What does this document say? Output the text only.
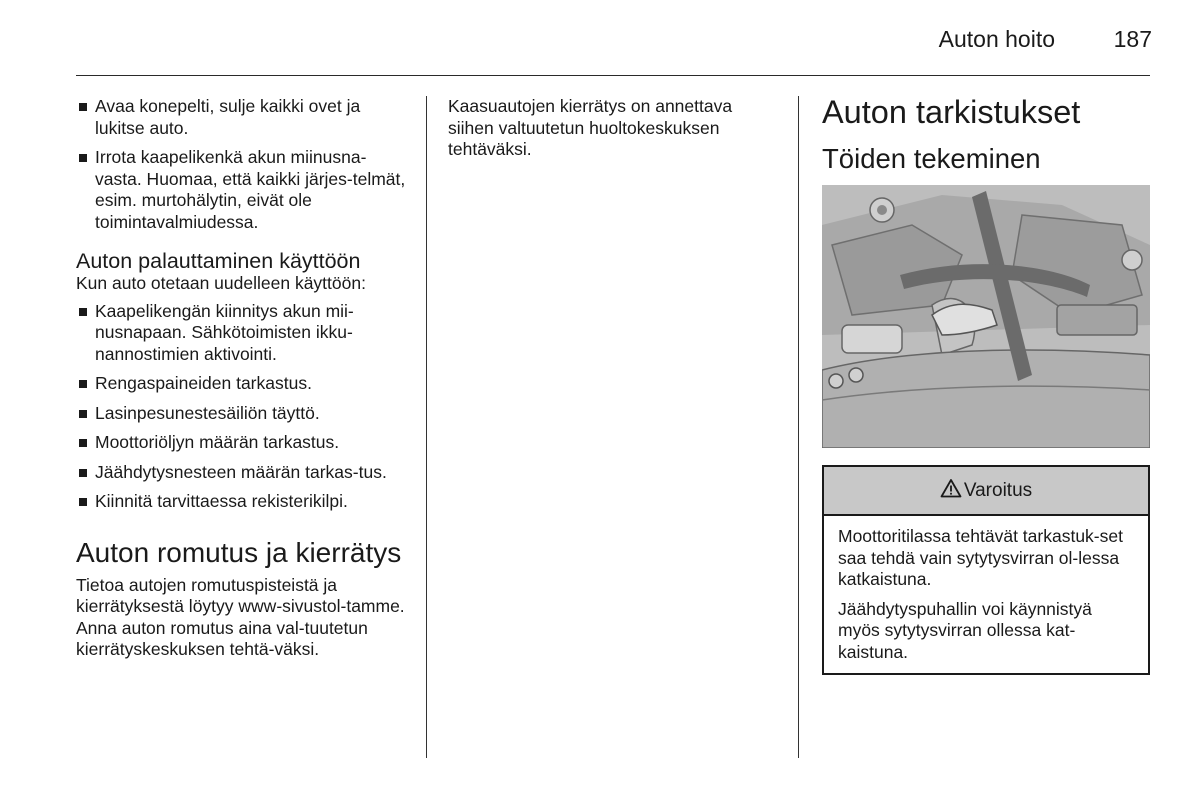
Auton hoito	187
Avaa konepelti, sulje kaikki ovet ja lukitse auto.
Irrota kaapelikenkä akun miinusna-vasta. Huomaa, että kaikki järjes-telmät, esim. murtohälytin, eivät ole toimintavalmiudessa.
Auton palauttaminen käyttöön

Kun auto otetaan uudelleen käyttöön:

Kaapelikengän kiinnitys akun mii-nusnapaan. Sähkötoimisten ikku-nannostimien aktivointi.
Rengaspaineiden tarkastus.
Lasinpesunestesäiliön täyttö.
Moottoriöljyn määrän tarkastus.
Jäähdytysnesteen määrän tarkas-tus.
Kiinnitä tarvittaessa rekisterikilpi.
Auton romutus ja kierrätys

Tietoa autojen romutuspisteistä ja kierrätyksestä löytyy www-sivustol-tamme. Anna auton romutus aina val-tuutetun kierrätyskeskuksen tehtä-väksi.

Kaasuautojen kierrätys on annettava siihen valtuutetun huoltokeskuksen tehtäväksi.

Auton tarkistukset
Töiden tekeminen
Varoitus

Moottoritilassa tehtävät tarkastuk-set saa tehdä vain sytytysvirran ol-lessa katkaistuna.

Jäähdytyspuhallin voi käynnistyä myös sytytysvirran ollessa kat-kaistuna.
